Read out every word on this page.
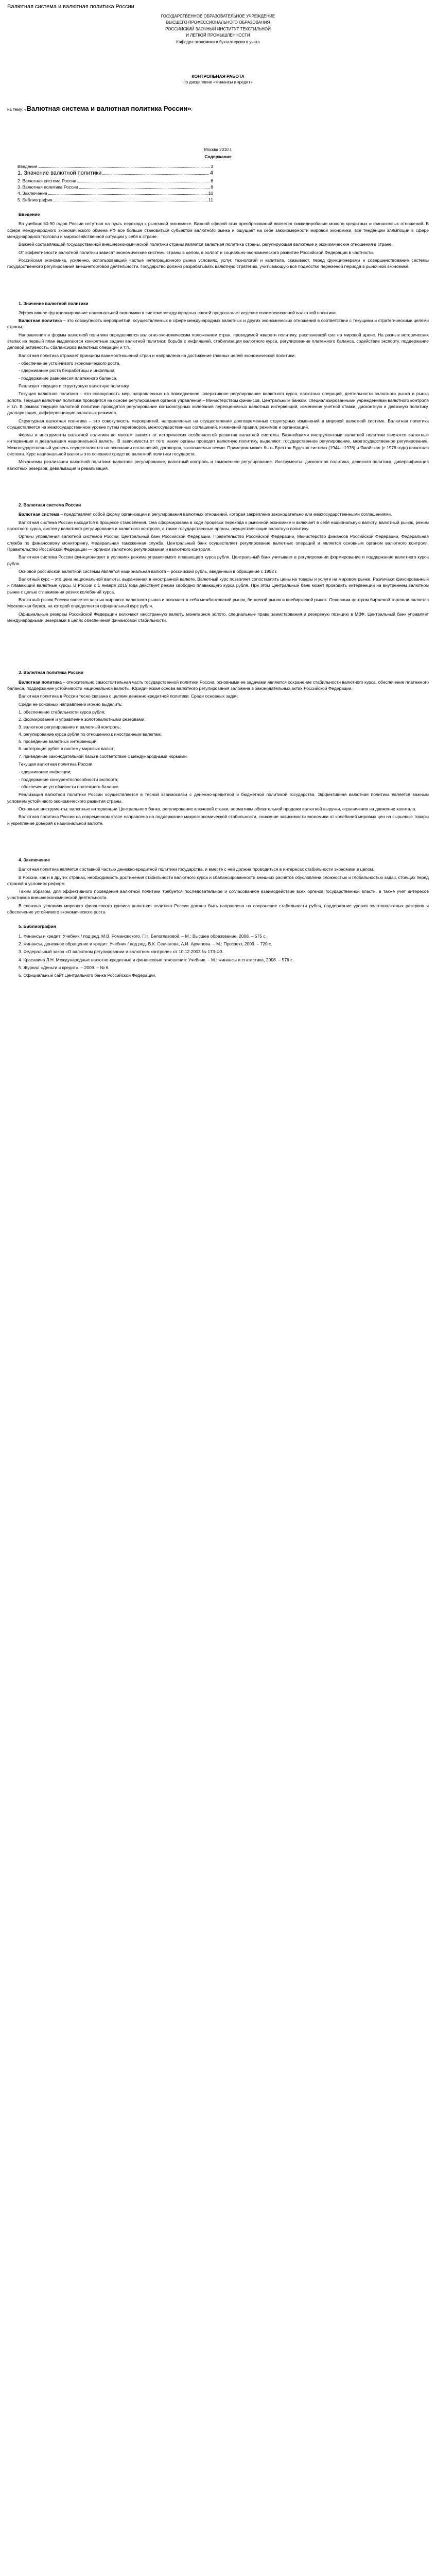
Валютная система и валютная политика России
ГОСУДАРСТВЕННОЕ ОБРАЗОВАТЕЛЬНОЕ УЧРЕЖДЕНИЕ
ВЫСШЕГО ПРОФЕССИОНАЛЬНОГО ОБРАЗОВАНИЯ
РОССИЙСКИЙ ЗАОЧНЫЙ ИНСТИТУТ ТЕКСТИЛЬНОЙ
И ЛЕГКОЙ ПРОМЫШЛЕННОСТИ
Кафедра экономики и бухгалтерского учета
КОНТРОЛЬНАЯ РАБОТА
по дисциплине «Финансы и кредит»
на тему: «Валютная система и валютная политика России».
Москва 2010 г.
Содержание
Введение	3
1. Значение валютной политики	4
2. Валютная система России	6
3. Валютная политика России	8
4. Заключение	10
5. Библиография	11
Введение

Во учебник 60-90 годов России остутная на пуьть перехода к рыночной экономике. Важной сферой этих преобразований является ликвидиробание монопо кредитных и финансовых отношений. В сфере международного экономического обмена РФ все больше становиться субьектом валютного рынка и ощущает на себе закономерности мировой экономики, все тенденции эллмпоции в сфере международной торговли и мирохозяйственной ситуации у себя в стране.

Важней составляющей государственной внешнеэкономической политики страны является валютная политика страны, регулирующая валютные и экономические отношения в стране.

От эффективности валютной политики зависят экономические системы страны в целом, в эоллот и социально-экономического развитие Российской Федерации в частности.

Российская экономика, усиленно, использовавший частые интеграционного рынка условиях, услуг, технологий и капитала, сказывают, перед функционерами и совершенствование системы государственного регулирования внешнеторговой деятельности. Государство должно разрабатывать валютную стратегию, учитывающую все подмостко переменой периода в рыночной экономике.

1. Значение валютной политики

Эффективное функционирование национальной экономики в системе международных связей предполагает ведение взаимосвязанной валютной политики.

Валютная политика – это совокупность мероприятий, осуществляемых в сфере международных валютных и других экономических отношений в соответствии с текущими и стратегическими целями страны.

Направления и формы валютной политики определяются валютно-экономическим положением стран, проводимой жваротн политику, расстановкой сил на мировой арене. На разных исторических этапах на первый план выдвигаются конкретные задачи валютной политики: борьба с инфляцией, стабилизация валютного курса, регулирование платежного баланса, содействие экспорту, поддержание деловой активность, сбалансиров валютных операций и т.п.

Валютная политика отражает принципы взаимоотношений стран и направлена на достижение главных целей экономической политики:

- обеспечение устойчивого экономического роста,
- сдерживание роста безработицы и инфляции,
- поддержание равновесия платежного баланса.

Реализует текущие и структурную валютную политику.

Текущая валютная политика – это совокупность мер, направленных на повседневное, оперативное регулирование валютного курса, валютных операций, деятельности валютного рынка и рынка золота. Текущая валютная политика проводится на основе регулирования органов управления – Министерством финансов, Центральным банком, специализированными учреждениями валютного контроля и т.п. В рамках текущей валютной политики проводятся регулирование конъюнктурных колебаний переоценочных валютных интервенций, изменение учетной ставки, дисконтную и девизную политику, долларизация, дифференциация валютных режимов.

Структурная валютная политика – это совокупность мероприятий, направленных на осуществление долговременных структурных изменений в мировой валютной системе. Валютная политика осуществляется на межгосударственном уровне путем переговоров, межгосударственных соглашений, изменений правил, режимов и организаций.

Формы и инструменты валютной политики во многом зависят от исторических особенностей развития валютной системы. Важнейшими инструментами валютной политики являются валютные интервенции и девальвация национальной валюты. В зависимости от того, какие органы проводят валютную политику, выделяют: государственное регулирование, межгосударственное регулирование. Межгосударственный уровень осуществляется на основании соглашений, договоров, заключаемых всеми. Примером может быть Бреттон-Вудская система (1944—1976) и Ямайская (с 1976 года) валютная система. Курс национальной валюты это основное средство валютной политики государств.

Механизмы реализации валютной политики: валютное регулирование, валютный контроль и таможенное регулирование. Инструменты: дисконтная политика, девизная политика, диверсификация валютных резервов, девальвация и ревальвация.

2. Валютная система России

Валютная система – представляет собой форму организации и регулирования валютных отношений, которая закреплена законодательно или межгосударственными соглашениями.

Валютная система России находится в процессе становления. Она сформирована в ходе процесса перехода к рыночной экономике и включает в себя национальную валюту, валютный рынок, режим валютного курса, систему валютного регулирования и валютного контроля, а также государственные органы, осуществляющие валютную политику.

Органы управления валютной системой России: Центральный банк Российской Федерации, Правительство Российской Федерации, Министерство финансов Российской Федерации, Федеральная служба по финансовому мониторингу, Федеральная таможенная служба. Центральный банк осуществляет регулирование валютных операций и является основным органом валютного контроля, Правительство Российской Федерации — органом валютного регулирования и валютного контроля.

Валютная система России функционирует в условиях режима управляемого плавающего курса рубля. Центральный банк учитывает в регулировании формирование и поддержание валютного курса рубля.

Основой российской валютной системы является национальная валюта – российский рубль, введенный в обращение с 1992 г.

Валютный курс – это цена национальной валюты, выраженная в иностранной валюте. Валютный курс позволяет сопоставлять цены на товары и услуги на мировом рынке. Различают фиксированный и плавающий валютные курсы. В России с 1 января 2015 года действует режим свободно плавающего курса рубля. При этом Центральный банк может проводить интервенции на внутреннем валютном рынке с целью сглаживания резких колебаний курса.

Валютный рынок России является частью мирового валютного рынка и включает в себя межбанковский рынок, биржевой рынок и внебиржевой рынок. Основным центром биржевой торговли является Московская биржа, на которой определяется официальный курс рубля.

Официальные резервы Российской Федерации включают иностранную валюту, монетарное золото, специальные права заимствования и резервную позицию в МВФ. Центральный банк управляет международными резервами в целях обеспечения финансовой стабильности.

3. Валютная политика России

Валютная политика – относительно самостоятельная часть государственной политики России, основными ее задачами являются сохранение стабильности валютного курса, обеспечение платежного баланса, поддержание устойчивости национальной валюты. Юридическая основа валютного регулирования заложена в законодательных актах Российской Федерации.

Валютная политика в России тесно связана с целями денежно-кредитной политики. Среди основных задач:

Среди ее основных направлений можно выделить:

1. обеспечение стабильности курса рубля;
2. формирование и управление золотовалютными резервами;
3. валютное регулирование и валютный контроль;
4. регулирование курса рубля по отношению к иностранным валютам;
5. проведение валютных интервенций;
6. интеграция рубля в систему мировых валют;
7. приведение законодательной базы в соответствие с международными нормами.

Текущая валютная политика России

- сдерживание инфляции;
- поддержание конкурентоспособности экспорта;
- обеспечение устойчивости платежного баланса.

Реализация валютной политики России осуществляется в тесной взаимосвязи с денежно-кредитной и бюджетной политикой государства. Эффективная валютная политика является важным условием устойчивого экономического развития страны.

Основные инструменты: валютные интервенции Центрального банка, регулирование ключевой ставки, нормативы обязательной продажи валютной выручки, ограничения на движение капитала.

Валютная политика России на современном этапе направлена на поддержание макроэкономической стабильности, снижение зависимости экономики от колебаний мировых цен на сырьевые товары и укрепление доверия к национальной валюте.

4. Заключение

Валютная политика является составной частью денежно-кредитной политики государства, и вместе с ней должна проводиться в интересах стабильности экономики в целом.

В России, как и в других странах, необходимость достижения стабильности валютного курса и сбалансированности внешних расчетов обусловлена сложностью и глобальностью задач, стоящих перед страной в условиях реформ.

Таким образом, для эффективного проведения валютной политики требуется последовательное и согласованное взаимодействие всех органов государственной власти, а также учет интересов участников внешнеэкономической деятельности.

В сложных условиях мирового финансового кризиса валютная политика России должна быть направлена на сохранение стабильности рубля, поддержание уровня золотовалютных резервов и обеспечение устойчивого экономического роста.

5. Библиография

1. Финансы и кредит: Учебник / под ред. М.В. Романовского, Г.Н. Белоглазовой. – М.: Высшее образование, 2008. – 575 с.

2. Финансы, денежное обращение и кредит: Учебник / под ред. В.К. Сенчагова, А.И. Архипова. – М.: Проспект, 2009. – 720 с.

3. Федеральный закон «О валютном регулировании и валютном контроле» от 10.12.2003 № 173-ФЗ.

4. Красавина Л.Н. Международные валютно-кредитные и финансовые отношения: Учебник. – М.: Финансы и статистика, 2008. – 576 с.

5. Журнал «Деньги и кредит». – 2009. – № 6.

6. Официальный сайт Центрального банка Российской Федерации.
